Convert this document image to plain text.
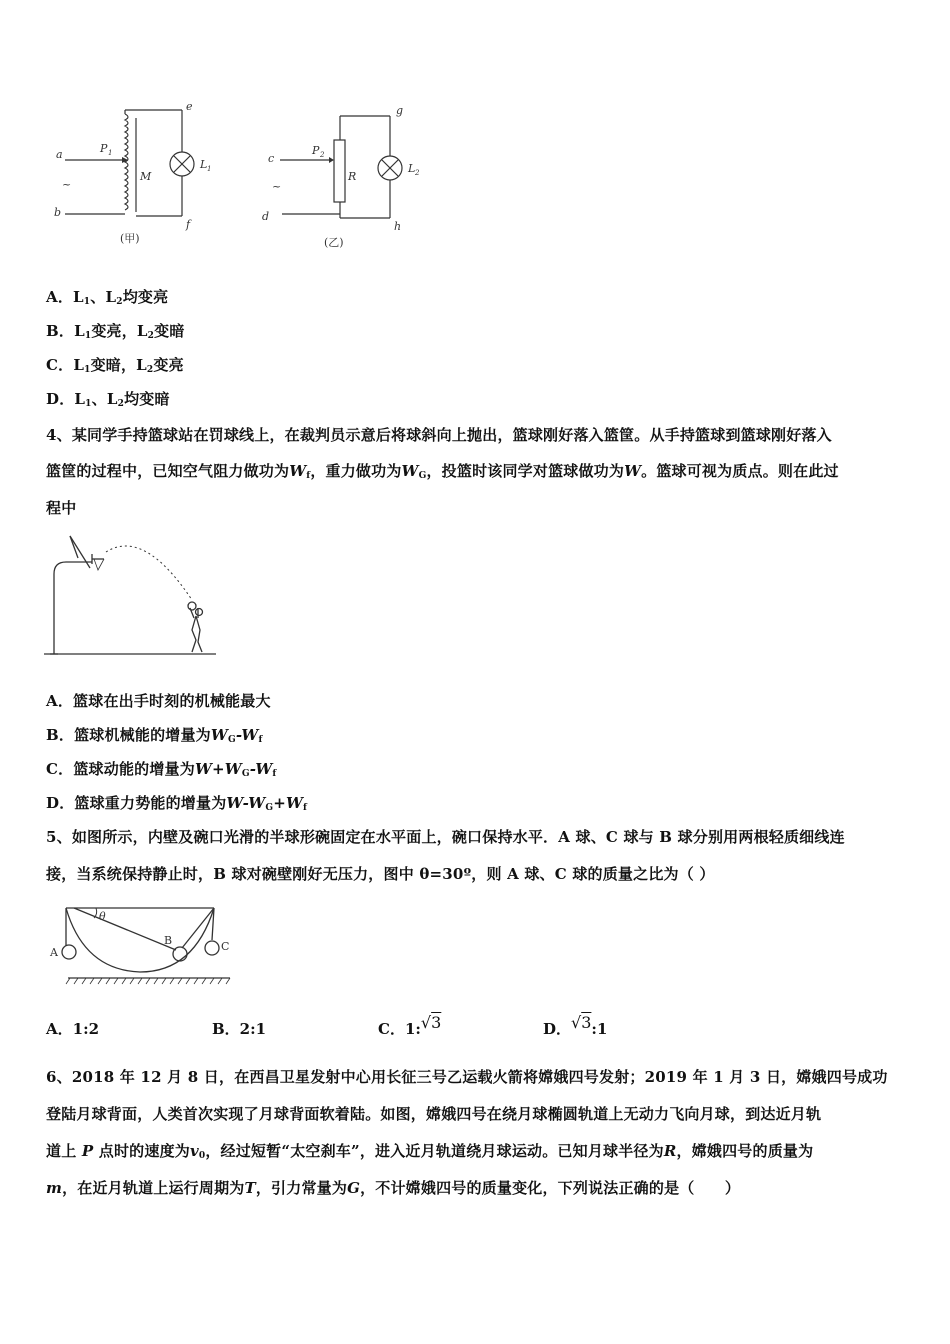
a
~
b
P 1
M
e
f
L 1
(甲)
c
~
d
P 2
R
g
h
L 2
(乙)
A．$L_1$、$L_2$均变亮
B．$L_1$变亮，$L_2$变暗
C．$L_1$变暗，$L_2$变亮
D．$L_1$、$L_2$均变暗
4、某同学手持篮球站在罚球线上，在裁判员示意后将球斜向上抛出，篮球刚好落入篮筐。从手持篮球到篮球刚好落入
篮筐的过程中，已知空气阻力做功为$W_f$，重力做功为$W_G$，投篮时该同学对篮球做功为W。篮球可视为质点。则在此过
程中
A．篮球在出手时刻的机械能最大
B．篮球机械能的增量为$W_G-W_f$
C．篮球动能的增量为$W+W_G-W_f$
D．篮球重力势能的增量为$W-W_G+W_f$
5、如图所示，内壁及碗口光滑的半球形碗固定在水平面上，碗口保持水平．A 球、C 球与 B 球分别用两根轻质细线连
接，当系统保持静止时，B 球对碗壁刚好无压力，图中 θ=30º，则 A 球、C 球的质量之比为（ ）
A
B	C
θ
A．1:2	B．2:1	C．1:√3	D．√3:1
6、2018 年 12 月 8 日，在西昌卫星发射中心用长征三号乙运载火箭将嫦娥四号发射；2019 年 1 月 3 日，嫦娥四号成功
登陆月球背面，人类首次实现了月球背面软着陆。如图，嫦娥四号在绕月球椭圆轨道上无动力飞向月球，到达近月轨
道上 P 点时的速度为$v_0$，经过短暂“太空刹车”，进入近月轨道绕月球运动。已知月球半径为R，嫦娥四号的质量为
m，在近月轨道上运行周期为T，引力常量为G，不计嫦娥四号的质量变化，下列说法正确的是（　　）
